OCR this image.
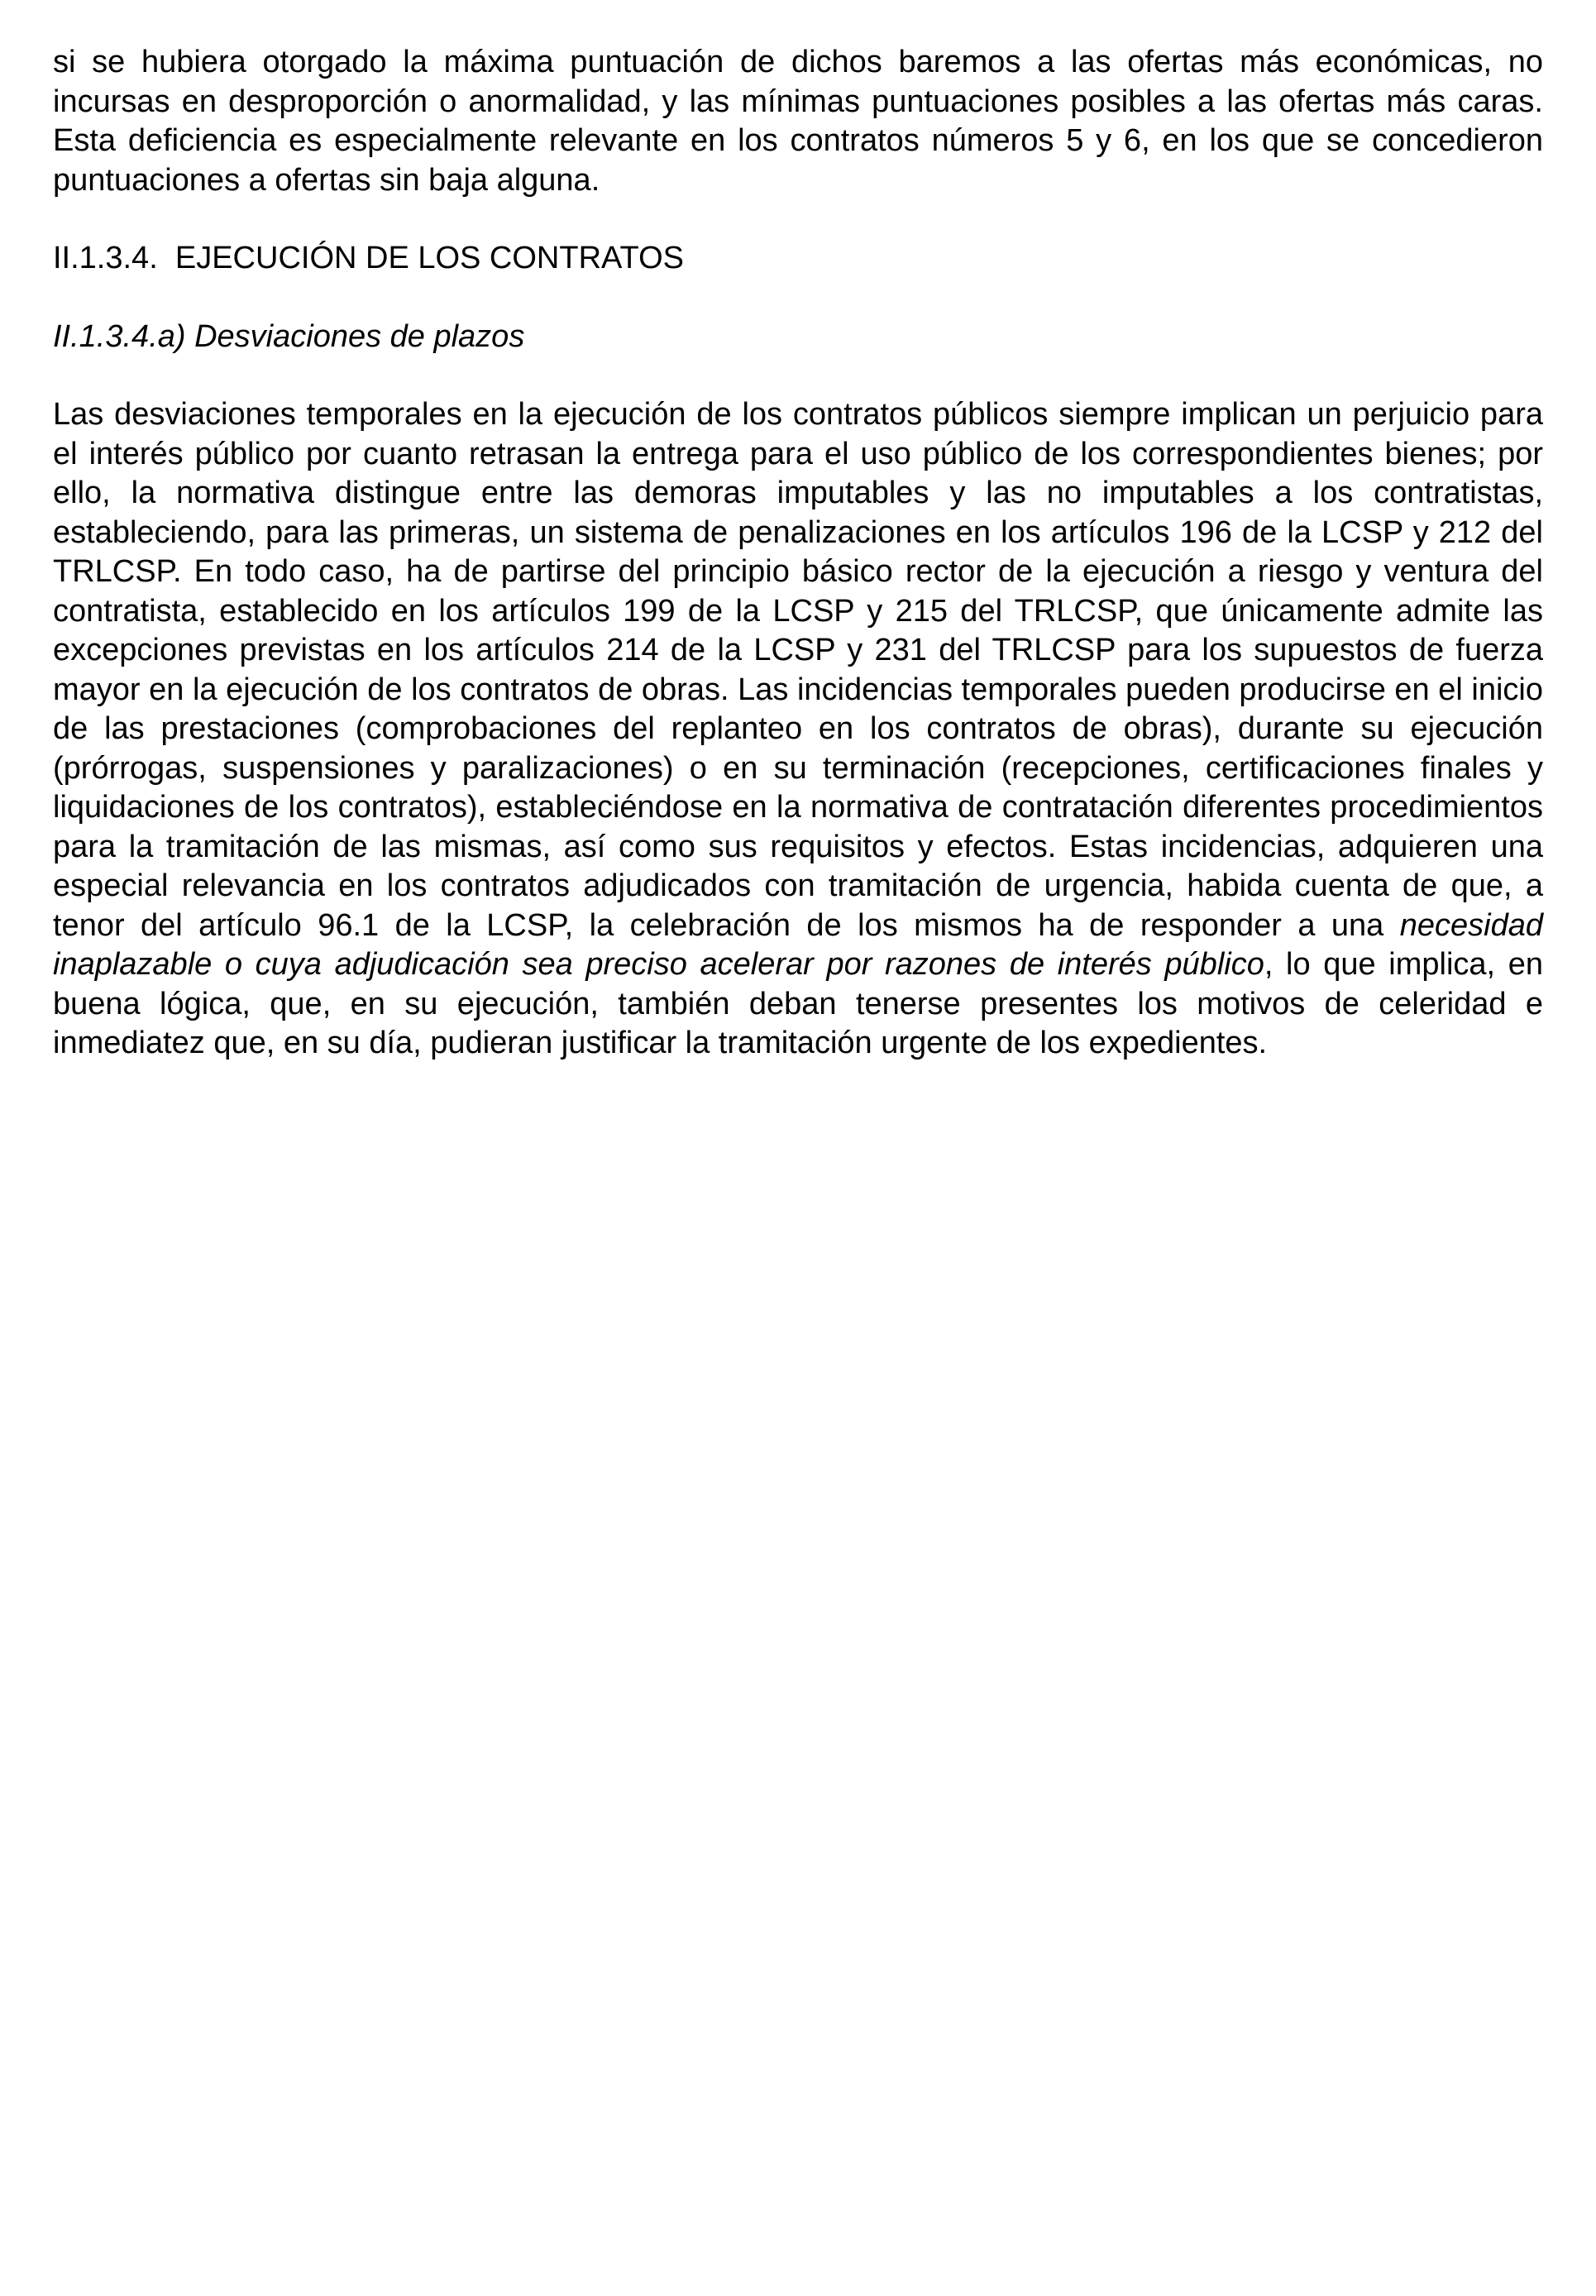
si se hubiera otorgado la máxima puntuación de dichos baremos a las ofertas más económicas, no incursas en desproporción o anormalidad, y las mínimas puntuaciones posibles a las ofertas más caras. Esta deficiencia es especialmente relevante en los contratos números 5 y 6, en los que se concedieron puntuaciones a ofertas sin baja alguna.

II.1.3.4.  EJECUCIÓN DE LOS CONTRATOS

II.1.3.4.a) Desviaciones de plazos

Las desviaciones temporales en la ejecución de los contratos públicos siempre implican un perjuicio para el interés público por cuanto retrasan la entrega para el uso público de los correspondientes bienes; por ello, la normativa distingue entre las demoras imputables y las no imputables a los contratistas, estableciendo, para las primeras, un sistema de penalizaciones en los artículos 196 de la LCSP y 212 del TRLCSP. En todo caso, ha de partirse del principio básico rector de la ejecución a riesgo y ventura del contratista, establecido en los artículos 199 de la LCSP y 215 del TRLCSP, que únicamente admite las excepciones previstas en los artículos 214 de la LCSP y 231 del TRLCSP para los supuestos de fuerza mayor en la ejecución de los contratos de obras. Las incidencias temporales pueden producirse en el inicio de las prestaciones (comprobaciones del replanteo en los contratos de obras), durante su ejecución (prórrogas, suspensiones y paralizaciones) o en su terminación (recepciones, certificaciones finales y liquidaciones de los contratos), estableciéndose en la normativa de contratación diferentes procedimientos para la tramitación de las mismas, así como sus requisitos y efectos. Estas incidencias, adquieren una especial relevancia en los contratos adjudicados con tramitación de urgencia, habida cuenta de que, a tenor del artículo 96.1 de la LCSP, la celebración de los mismos ha de responder a una necesidad inaplazable o cuya adjudicación sea preciso acelerar por razones de interés público, lo que implica, en buena lógica, que, en su ejecución, también deban tenerse presentes los motivos de celeridad e inmediatez que, en su día, pudieran justificar la tramitación urgente de los expedientes.
